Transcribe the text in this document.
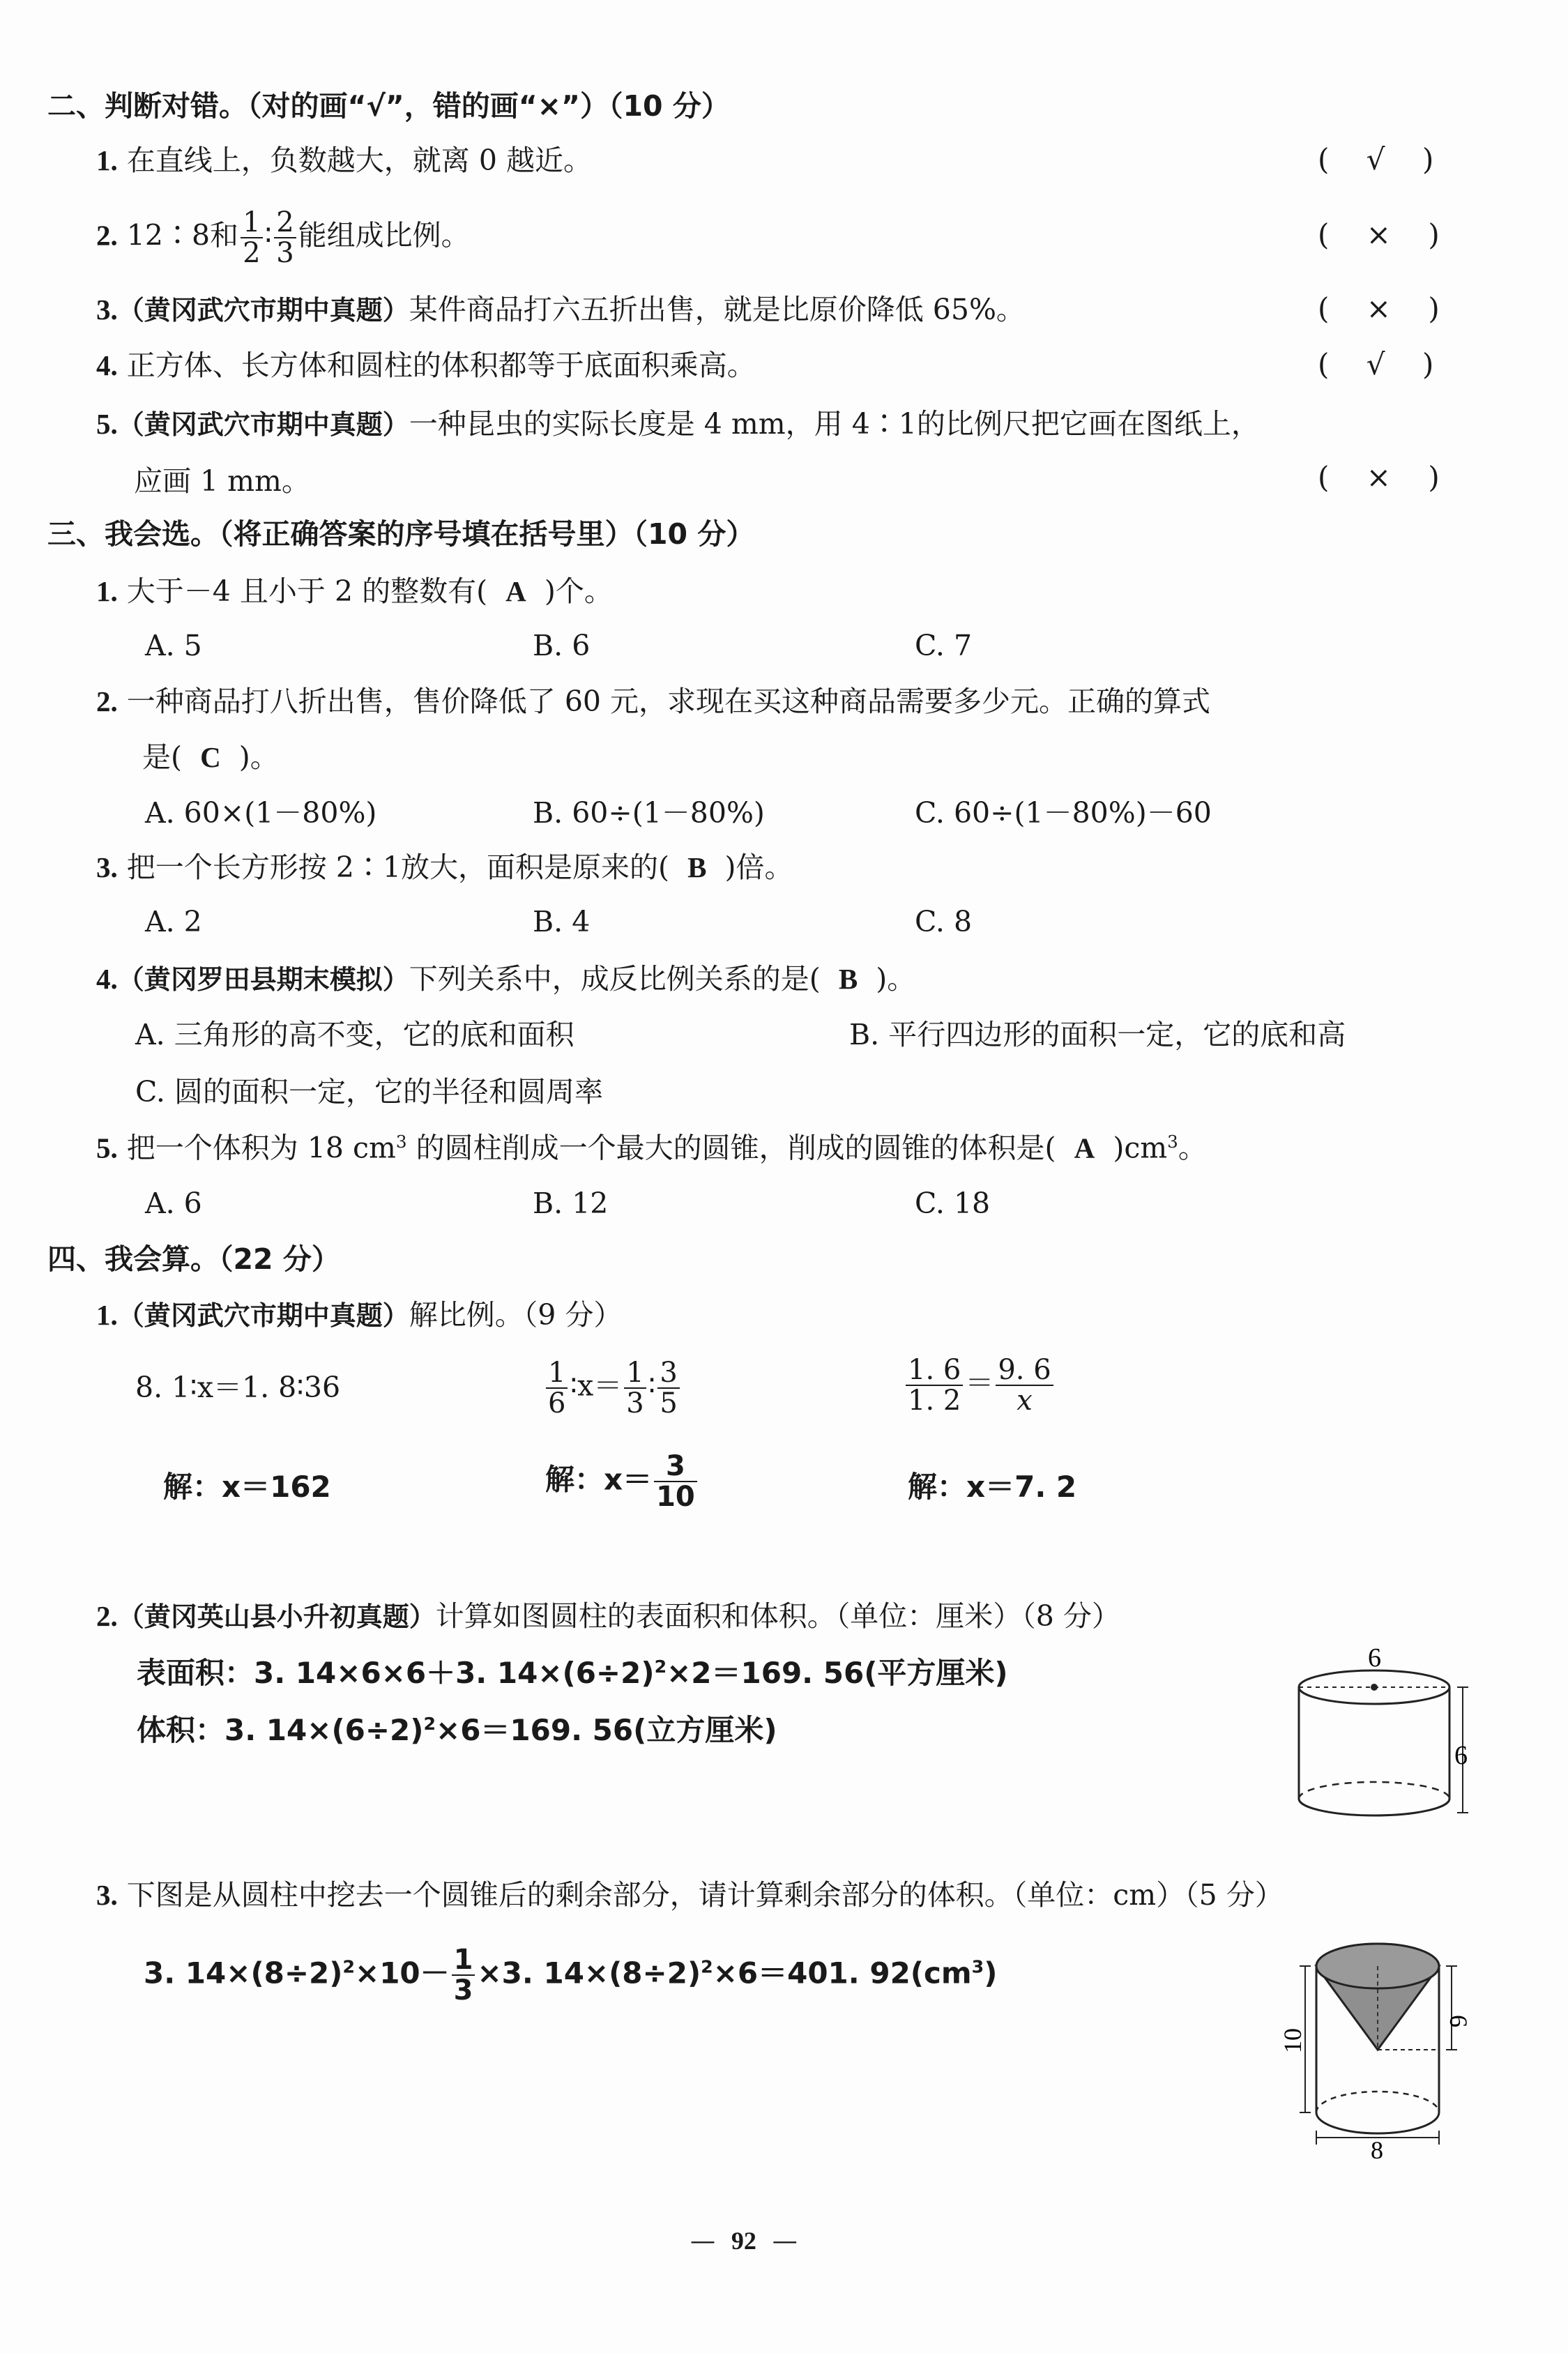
二、判断对错。（对的画“√”，错的画“×”）（10 分）
1. 在直线上，负数越大，就离 0 越近。	(    √    )
2. 12∶8和 $\frac{1}{2}$ ∶ $\frac{2}{3}$ 能组成比例。	(    ×    )
3.（黄冈武穴市期中真题）某件商品打六五折出售，就是比原价降低 65%。	(    ×    )
4. 正方体、长方体和圆柱的体积都等于底面积乘高。	(    √    )
5.（黄冈武穴市期中真题）一种昆虫的实际长度是 4 mm，用 4∶1的比例尺把它画在图纸上，
应画 1 mm。	(    ×    )
三、我会选。（将正确答案的序号填在括号里）（10 分）
1. 大于－4 且小于 2 的整数有( A )个。
A. 5	B. 6	C. 7
2. 一种商品打八折出售，售价降低了 60 元，求现在买这种商品需要多少元。正确的算式
是( C )。
A. 60×(1－80%)	B. 60÷(1－80%)	C. 60÷(1－80%)－60
3. 把一个长方形按 2∶1放大，面积是原来的( B )倍。
A. 2	B. 4	C. 8
4.（黄冈罗田县期末模拟）下列关系中，成反比例关系的是( B )。
A. 三角形的高不变，它的底和面积	B. 平行四边形的面积一定，它的底和高
C. 圆的面积一定，它的半径和圆周率
5. 把一个体积为 18 $cm^3$ 的圆柱削成一个最大的圆锥，削成的圆锥的体积是( A )$cm^3$。
A. 6	B. 12	C. 18
四、我会算。（22 分）
1.（黄冈武穴市期中真题）解比例。（9 分）
8. 1∶x＝1. 8∶36	$\frac{1}{6}$ ∶x＝ $\frac{1}{3}$ ∶ $\frac{3}{5}$	$\frac{1. 6}{1. 2} = \frac{9. 6}{x}$
解：x＝162	解：$x= \frac{3}{10}$	解：x＝7. 2
2.（黄冈英山县小升初真题）计算如图圆柱的表面积和体积。（单位：厘米）（8 分）
表面积：3. 14×6×6＋3. $14\times(6\div 2)^2\times 2=169$. 56(平方厘米)
体积：3. $14\times(6\div 2)^2\times 6=169$. 56(立方厘米)
6
6
3. 下图是从圆柱中挖去一个圆锥后的剩余部分，请计算剩余部分的体积。（单位：cm）（5 分）
3. $14\times(8\div 2)^2\times 10- \frac{1}{3} \times 3$. $14\times(8\div 2)^2\times 6=401$. $92(cm^3)$
10
6
8
— 92 —
